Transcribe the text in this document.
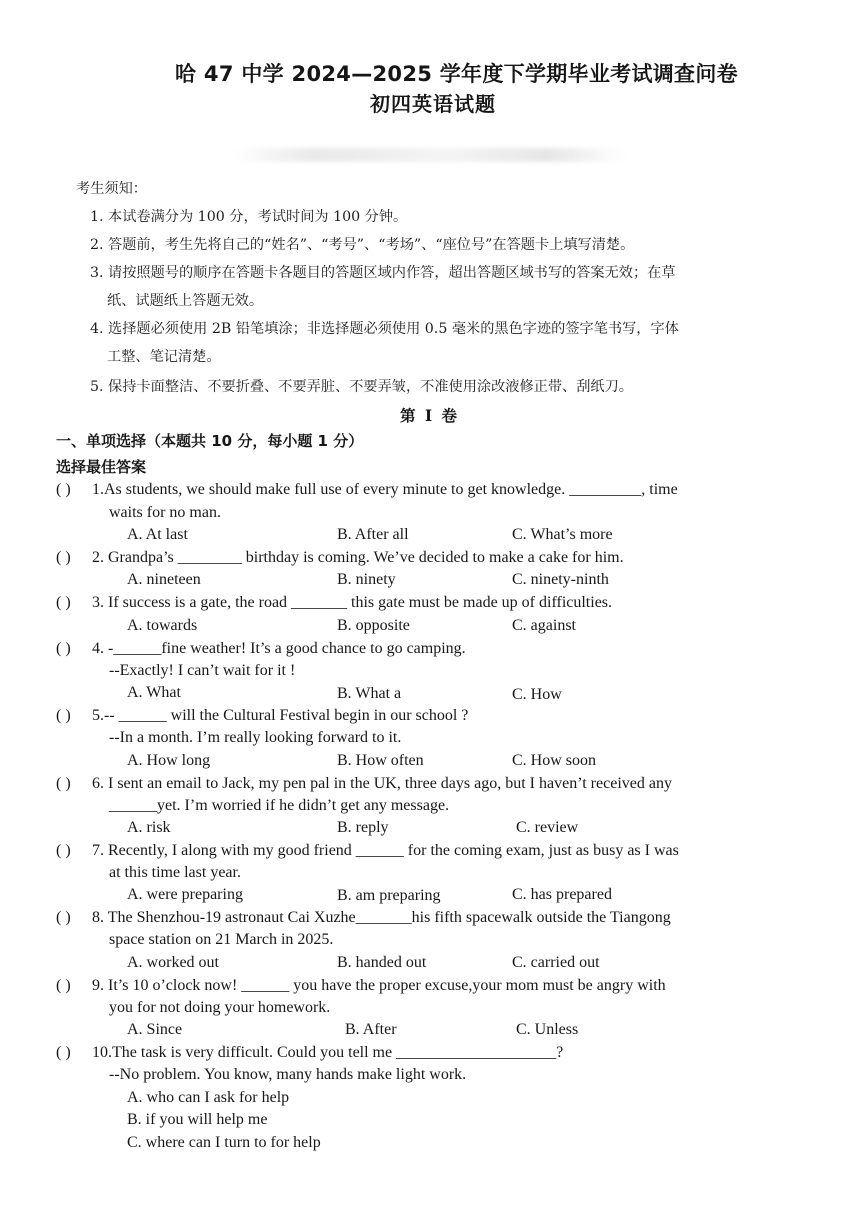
哈 47 中学 2024—2025 学年度下学期毕业考试调查问卷
初四英语试题
考生须知：
1. 本试卷满分为 100 分，考试时间为 100 分钟。
2. 答题前，考生先将自己的“姓名”、“考号”、“考场”、“座位号”在答题卡上填写清楚。
3. 请按照题号的顺序在答题卡各题目的答题区域内作答，超出答题区域书写的答案无效；在草
纸、试题纸上答题无效。
4. 选择题必须使用 2B 铅笔填涂；非选择题必须使用 0.5 毫米的黑色字迹的签字笔书写，字体
工整、笔记清楚。
5. 保持卡面整洁、不要折叠、不要弄脏、不要弄皱，不准使用涂改液修正带、刮纸刀。
第 I 卷
一、单项选择（本题共 10 分，每小题 1 分）
选择最佳答案
( ) 1.As students, we should make full use of every minute to get knowledge. _________, time
waits for no man.
A. At last	B. After all	C. What’s more
( ) 2. Grandpa’s ________ birthday is coming. We’ve decided to make a cake for him.
A. nineteen	B. ninety	C. ninety-ninth
( ) 3. If success is a gate, the road _______ this gate must be made up of difficulties.
A. towards	B. opposite	C. against
( ) 4. -______fine weather! It’s a good chance to go camping.
--Exactly! I can’t wait for it !
A. What	B. What a	C. How
( ) 5.-- ______ will the Cultural Festival begin in our school ?
--In a month. I’m really looking forward to it.
A. How long	B. How often	C. How soon
( ) 6. I sent an email to Jack, my pen pal in the UK, three days ago, but I haven’t received any
______yet. I’m worried if he didn’t get any message.
A. risk	B. reply	C. review
( ) 7. Recently, I along with my good friend ______ for the coming exam, just as busy as I was
at this time last year.
A. were preparing	B. am preparing	C. has prepared
( ) 8. The Shenzhou-19 astronaut Cai Xuzhe_______his fifth spacewalk outside the Tiangong
space station on 21 March in 2025.
A. worked out	B. handed out	C. carried out
( ) 9. It’s 10 o’clock now! ______ you have the proper excuse,your mom must be angry with
you for not doing your homework.
A. Since	B. After	C. Unless
( ) 10.The task is very difficult. Could you tell me ____________________?
--No problem. You know, many hands make light work.
A. who can I ask for help
B. if you will help me
C. where can I turn to for help
